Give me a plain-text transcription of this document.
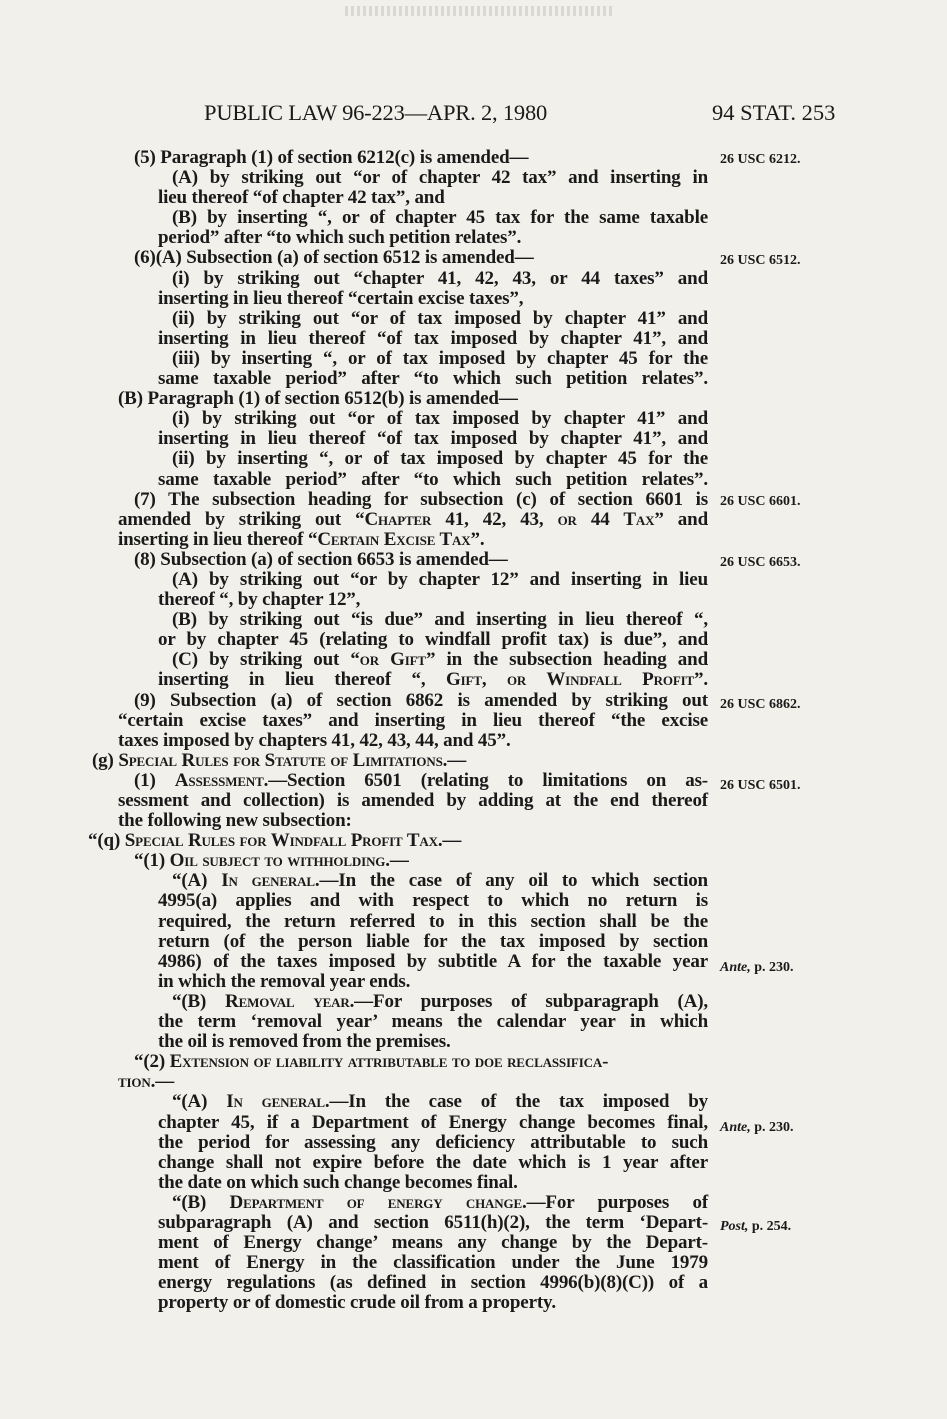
PUBLIC LAW 96-223—APR. 2, 1980	94 STAT. 253
(5) Paragraph (1) of section 6212(c) is amended—
(A) by striking out “or of chapter 42 tax” and inserting in
lieu thereof “of chapter 42 tax”, and
(B) by inserting “, or of chapter 45 tax for the same taxable
period” after “to which such petition relates”.
(6)(A) Subsection (a) of section 6512 is amended—
(i) by striking out “chapter 41, 42, 43, or 44 taxes” and
inserting in lieu thereof “certain excise taxes”,
(ii) by striking out “or of tax imposed by chapter 41” and
inserting in lieu thereof “of tax imposed by chapter 41”, and
(iii) by inserting “, or of tax imposed by chapter 45 for the
same taxable period” after “to which such petition relates”.
(B) Paragraph (1) of section 6512(b) is amended—
(i) by striking out “or of tax imposed by chapter 41” and
inserting in lieu thereof “of tax imposed by chapter 41”, and
(ii) by inserting “, or of tax imposed by chapter 45 for the
same taxable period” after “to which such petition relates”.
(7) The subsection heading for subsection (c) of section 6601 is
amended by striking out “Chapter 41, 42, 43, or 44 Tax” and
inserting in lieu thereof “Certain Excise Tax”.
(8) Subsection (a) of section 6653 is amended—
(A) by striking out “or by chapter 12” and inserting in lieu
thereof “, by chapter 12”,
(B) by striking out “is due” and inserting in lieu thereof “,
or by chapter 45 (relating to windfall profit tax) is due”, and
(C) by striking out “or Gift” in the subsection heading and
inserting in lieu thereof “, Gift, or Windfall Profit”.
(9) Subsection (a) of section 6862 is amended by striking out
“certain excise taxes” and inserting in lieu thereof “the excise
taxes imposed by chapters 41, 42, 43, 44, and 45”.
(g) Special Rules for Statute of Limitations.—
(1) Assessment.—Section 6501 (relating to limitations on as-
sessment and collection) is amended by adding at the end thereof
the following new subsection:
“(q) Special Rules for Windfall Profit Tax.—
“(1) Oil subject to withholding.—
“(A) In general.—In the case of any oil to which section
4995(a) applies and with respect to which no return is
required, the return referred to in this section shall be the
return (of the person liable for the tax imposed by section
4986) of the taxes imposed by subtitle A for the taxable year
in which the removal year ends.
“(B) Removal year.—For purposes of subparagraph (A),
the term ‘removal year’ means the calendar year in which
the oil is removed from the premises.
“(2) Extension of liability attributable to doe reclassifica-
tion.—
“(A) In general.—In the case of the tax imposed by
chapter 45, if a Department of Energy change becomes final,
the period for assessing any deficiency attributable to such
change shall not expire before the date which is 1 year after
the date on which such change becomes final.
“(B) Department of energy change.—For purposes of
subparagraph (A) and section 6511(h)(2), the term ‘Depart-
ment of Energy change’ means any change by the Depart-
ment of Energy in the classification under the June 1979
energy regulations (as defined in section 4996(b)(8)(C)) of a
property or of domestic crude oil from a property.
26 USC 6212.
26 USC 6512.
26 USC 6601.
26 USC 6653.
26 USC 6862.
26 USC 6501.
Ante, p. 230.
Ante, p. 230.
Post, p. 254.
